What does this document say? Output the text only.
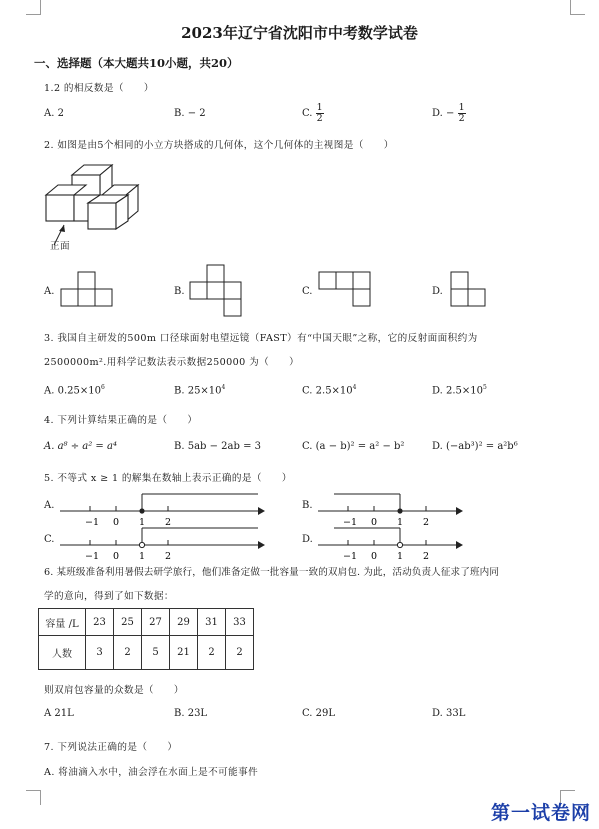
2023年辽宁省沈阳市中考数学试卷
一、选择题（本大题共10小题，共20）
1.2 的相反数是（　　）
A. 2	B. − 2	C. $\frac{1}{2}$	D. − $\frac{1}{2}$
2. 如图是由5个相同的小立方块搭成的几何体，这个几何体的主视图是（　　）
正面
A.	B.	C.	D.
3. 我国自主研发的500m 口径球面射电望远镜（FAST）有“中国天眼”之称，它的反射面面积约为
2500000m².用科学记数法表示数据250000 为（　　）
A. $0.25\times 10^6$	B. $25\times 10^4$	C. $2.5\times 10^4$	D. $2.5\times 10^5$
4. 下列计算结果正确的是（　　）
A. a⁸ ÷ a² = a⁴	B. 5ab − 2ab = 3	C. (a − b)² = a² − b²	D. (−ab³)² = a²b⁶
5. 不等式 x ≥ 1 的解集在数轴上表示正确的是（　　）
A.
−1 0 1 2
B.
−1 0 1 2
C.
−1 0 1 2
D.
−1 0 1 2
6. 某班级准备利用暑假去研学旅行，他们准备定做一批容量一致的双肩包. 为此，活动负责人征求了班内同
学的意向，得到了如下数据：
容量 /L	23	25	27	29	31	33
人数	3	2	5	21	2	2
则双肩包容量的众数是（　　）
A 21L	B. 23L	C. 29L	D. 33L
7. 下列说法正确的是（　　）
A. 将油滴入水中，油会浮在水面上是不可能事件
第一试卷网
